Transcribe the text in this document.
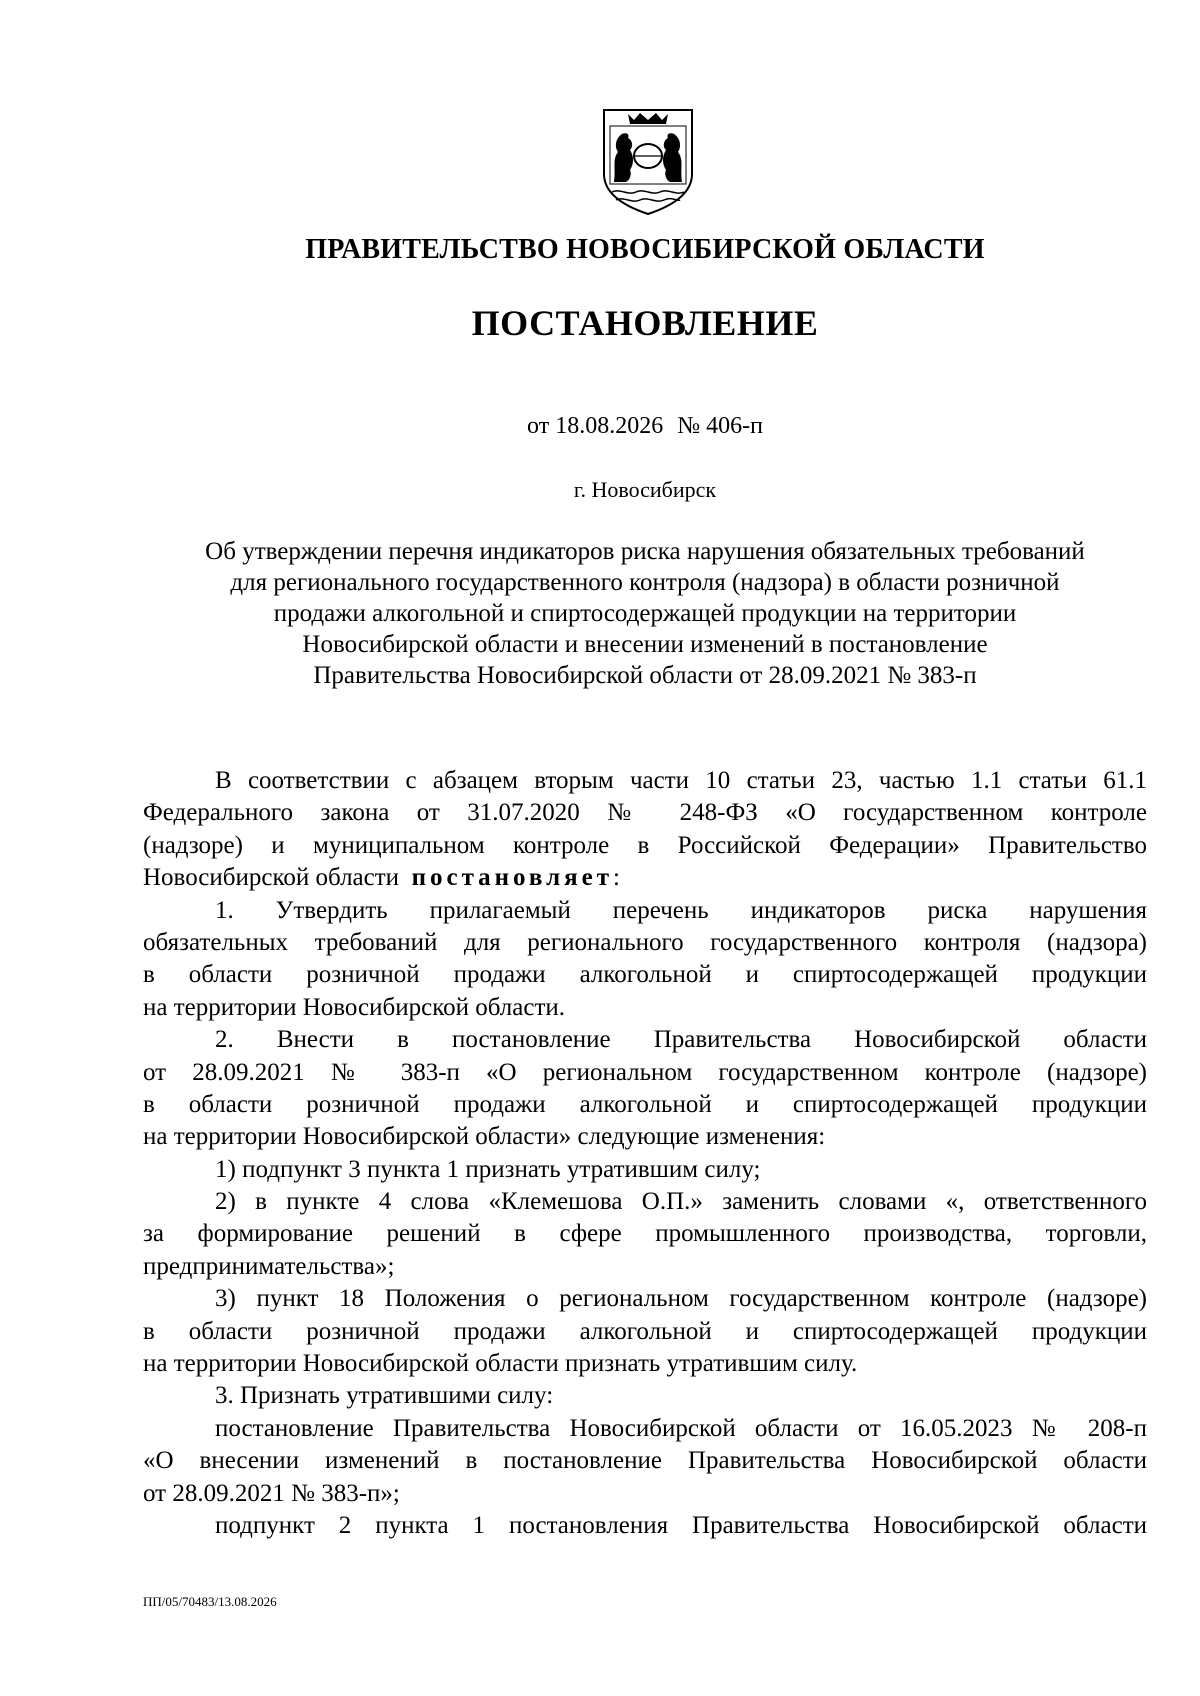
ПРАВИТЕЛЬСТВО НОВОСИБИРСКОЙ ОБЛАСТИ
ПОСТАНОВЛЕНИЕ
от 18.08.2026 № 406-п
г. Новосибирск
Об утверждении перечня индикаторов риска нарушения обязательных требований
для регионального государственного контроля (надзора) в области розничной
продажи алкогольной и спиртосодержащей продукции на территории
Новосибирской области и внесении изменений в постановление
Правительства Новосибирской области от 28.09.2021 № 383-п
В соответствии с абзацем вторым части 10 статьи 23, частью 1.1 статьи 61.1
Федерального закона от 31.07.2020 № 248-ФЗ «О государственном контроле
(надзоре) и муниципальном контроле в Российской Федерации» Правительство
Новосибирской области постановляет:
1. Утвердить прилагаемый перечень индикаторов риска нарушения
обязательных требований для регионального государственного контроля (надзора)
в области розничной продажи алкогольной и спиртосодержащей продукции
на территории Новосибирской области.
2. Внести в постановление Правительства Новосибирской области
от 28.09.2021 № 383-п «О региональном государственном контроле (надзоре)
в области розничной продажи алкогольной и спиртосодержащей продукции
на территории Новосибирской области» следующие изменения:
1) подпункт 3 пункта 1 признать утратившим силу;
2) в пункте 4 слова «Клемешова О.П.» заменить словами «, ответственного
за формирование решений в сфере промышленного производства, торговли,
предпринимательства»;
3) пункт 18 Положения о региональном государственном контроле (надзоре)
в области розничной продажи алкогольной и спиртосодержащей продукции
на территории Новосибирской области признать утратившим силу.
3. Признать утратившими силу:
постановление Правительства Новосибирской области от 16.05.2023 № 208-п
«О внесении изменений в постановление Правительства Новосибирской области
от 28.09.2021 № 383-п»;
подпункт 2 пункта 1 постановления Правительства Новосибирской области
ПП/05/70483/13.08.2026
